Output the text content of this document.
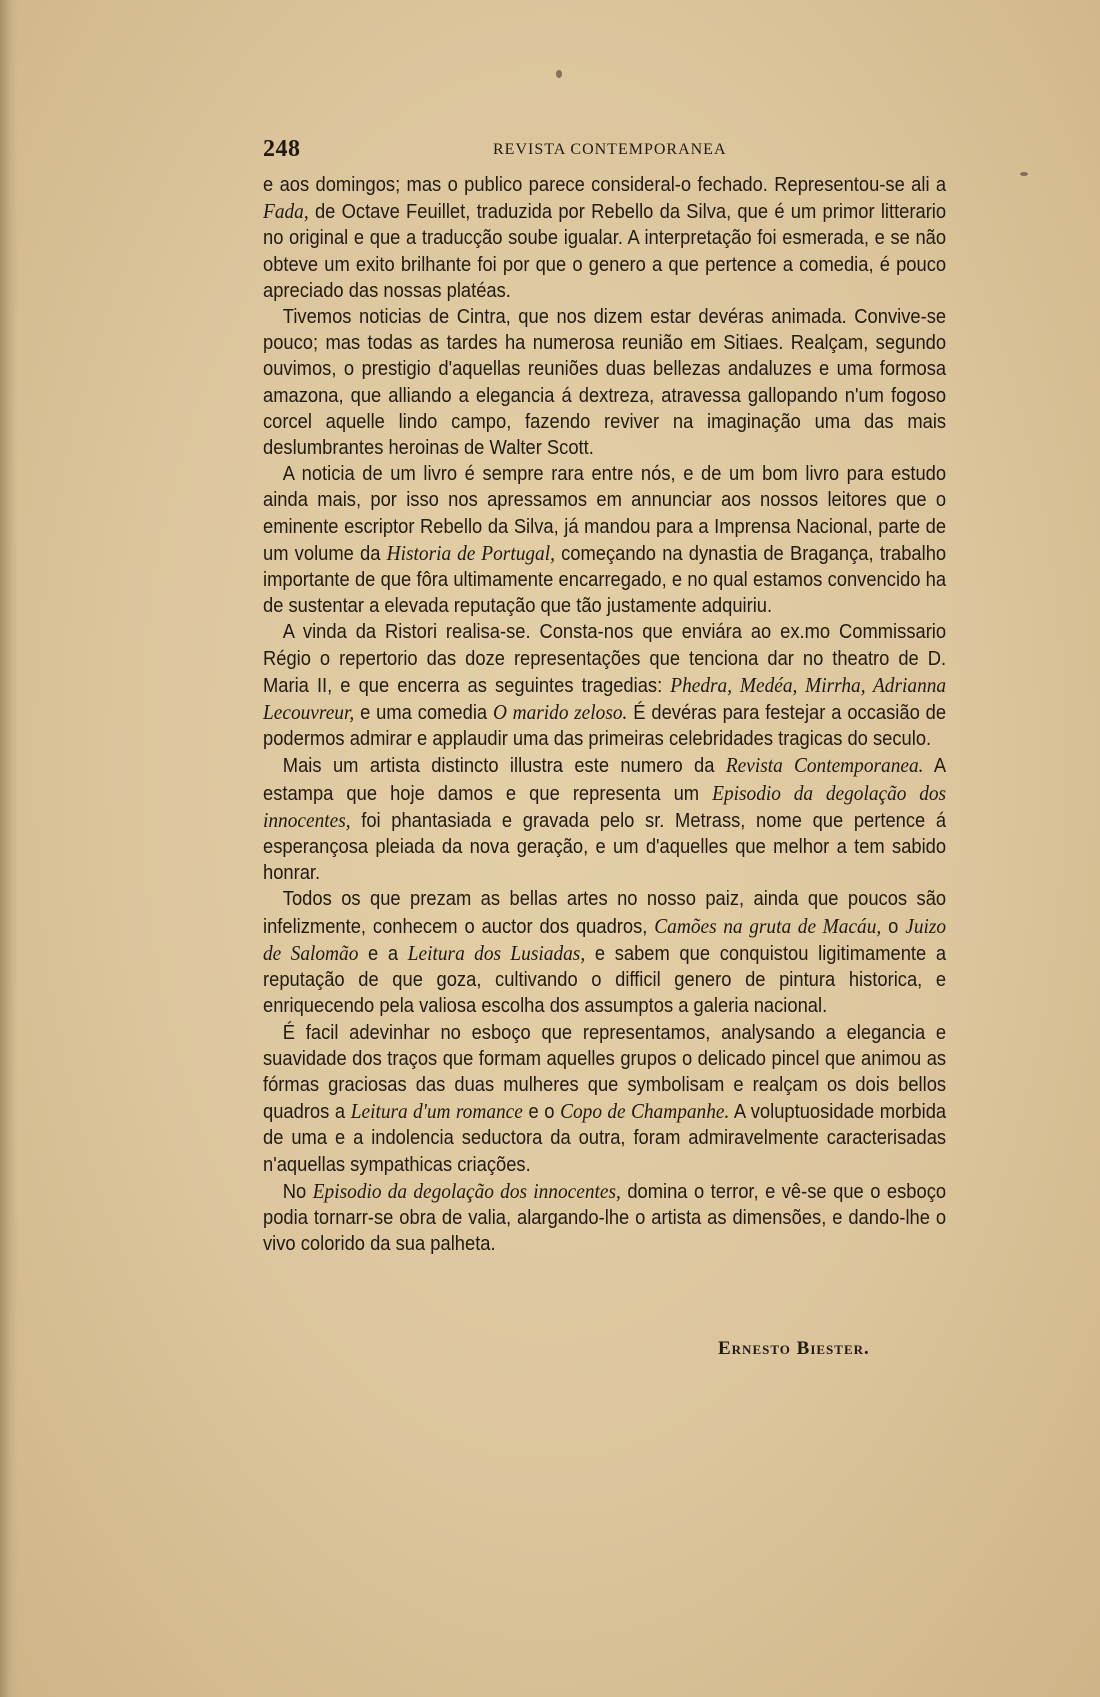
248	REVISTA CONTEMPORANEA

e aos domingos; mas o publico parece consideral-o fechado. Representou-se ali a Fada, de Octave Feuillet, traduzida por Rebello da Silva, que é um primor litterario no original e que a traducção soube igualar. A interpretação foi esmerada, e se não obteve um exito brilhante foi por que o genero a que pertence a comedia, é pouco apreciado das nossas platéas.

Tivemos noticias de Cintra, que nos dizem estar devéras animada. Convive-se pouco; mas todas as tardes ha numerosa reunião em Sitiaes. Realçam, segundo ouvimos, o prestigio d'aquellas reuniões duas bellezas andaluzes e uma formosa amazona, que alliando a elegancia á dextreza, atravessa gallopando n'um fogoso corcel aquelle lindo campo, fazendo reviver na imaginação uma das mais deslumbrantes heroinas de Walter Scott.

A noticia de um livro é sempre rara entre nós, e de um bom livro para estudo ainda mais, por isso nos apressamos em annunciar aos nossos leitores que o eminente escriptor Rebello da Silva, já mandou para a Imprensa Nacional, parte de um volume da Historia de Portugal, começando na dynastia de Bragança, trabalho importante de que fôra ultimamente encarregado, e no qual estamos convencido ha de sustentar a elevada reputação que tão justamente adquiriu.

A vinda da Ristori realisa-se. Consta-nos que enviára ao ex.mo Commissario Régio o repertorio das doze representações que tenciona dar no theatro de D. Maria II, e que encerra as seguintes tragedias: Phedra, Medéa, Mirrha, Adrianna Lecouvreur, e uma comedia O marido zeloso. É devéras para festejar a occasião de podermos admirar e applaudir uma das primeiras celebridades tragicas do seculo.

Mais um artista distincto illustra este numero da Revista Contemporanea. A estampa que hoje damos e que representa um Episodio da degolação dos innocentes, foi phantasiada e gravada pelo sr. Metrass, nome que pertence á esperançosa pleiada da nova geração, e um d'aquelles que melhor a tem sabido honrar.

Todos os que prezam as bellas artes no nosso paiz, ainda que poucos são infelizmente, conhecem o auctor dos quadros, Camões na gruta de Macáu, o Juizo de Salomão e a Leitura dos Lusiadas, e sabem que conquistou ligitimamente a reputação de que goza, cultivando o difficil genero de pintura historica, e enriquecendo pela valiosa escolha dos assumptos a galeria nacional.

É facil adevinhar no esboço que representamos, analysando a elegancia e suavidade dos traços que formam aquelles grupos o delicado pincel que animou as fórmas graciosas das duas mulheres que symbolisam e realçam os dois bellos quadros a Leitura d'um romance e o Copo de Champanhe. A voluptuosidade morbida de uma e a indolencia seductora da outra, foram admiravelmente caracterisadas n'aquellas sympathicas criações.

No Episodio da degolação dos innocentes, domina o terror, e vê-se que o esboço podia tornarr-se obra de valia, alargando-lhe o artista as dimensões, e dando-lhe o vivo colorido da sua palheta.

Ernesto Biester.
